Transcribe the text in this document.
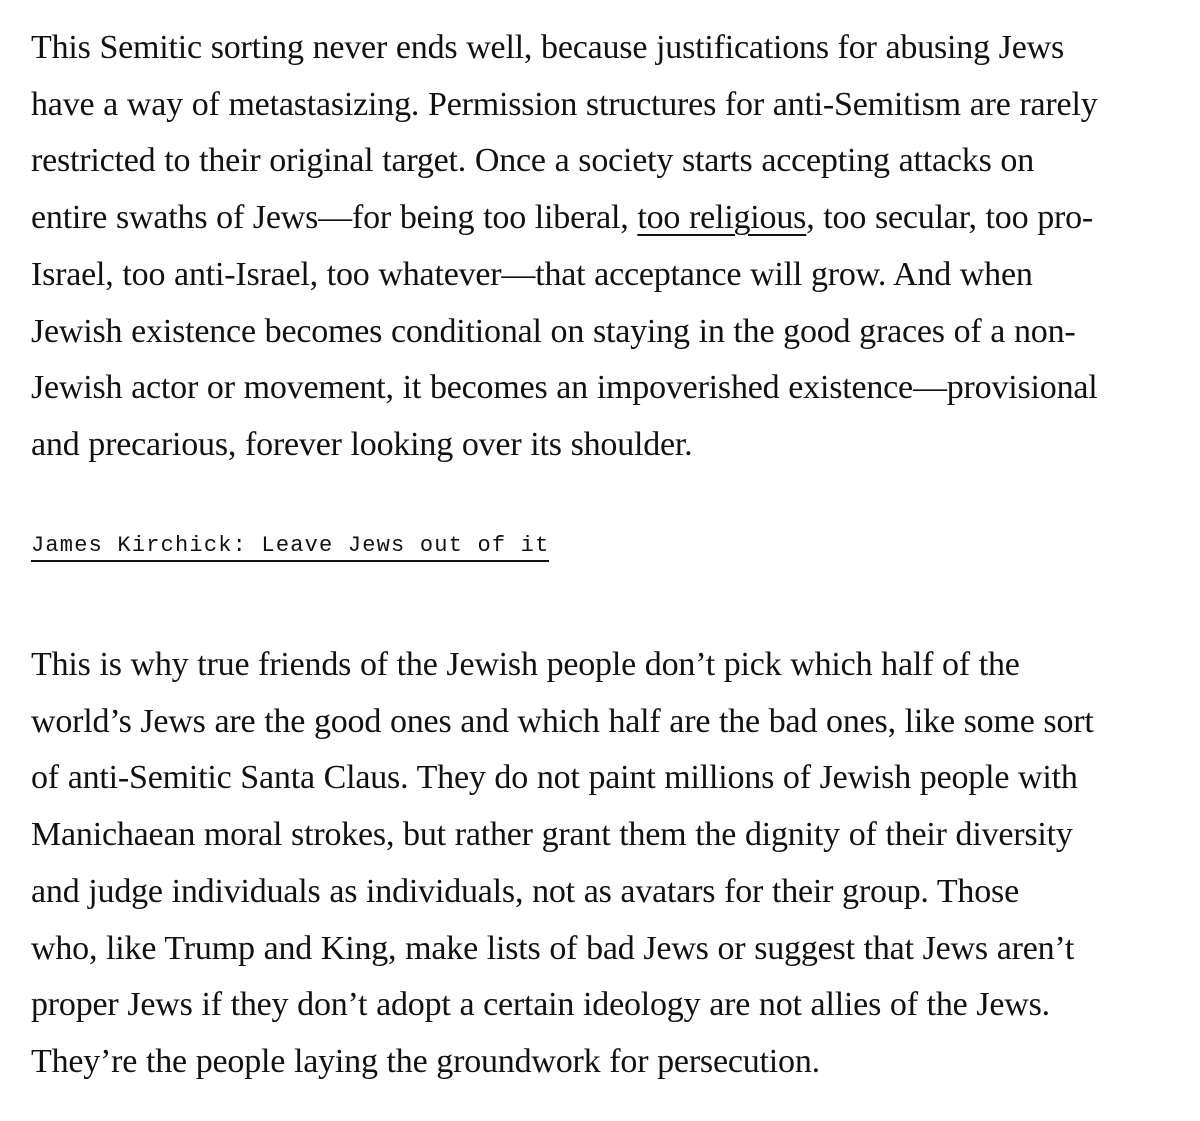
This Semitic sorting never ends well, because justifications for abusing Jews
have a way of metastasizing. Permission structures for anti-Semitism are rarely
restricted to their original target. Once a society starts accepting attacks on
entire swaths of Jews—for being too liberal, too religious, too secular, too pro-
Israel, too anti-Israel, too whatever—that acceptance will grow. And when
Jewish existence becomes conditional on staying in the good graces of a non-
Jewish actor or movement, it becomes an impoverished existence—provisional
and precarious, forever looking over its shoulder.

James Kirchick: Leave Jews out of it

This is why true friends of the Jewish people don’t pick which half of the
world’s Jews are the good ones and which half are the bad ones, like some sort
of anti-Semitic Santa Claus. They do not paint millions of Jewish people with
Manichaean moral strokes, but rather grant them the dignity of their diversity
and judge individuals as individuals, not as avatars for their group. Those
who, like Trump and King, make lists of bad Jews or suggest that Jews aren’t
proper Jews if they don’t adopt a certain ideology are not allies of the Jews.
They’re the people laying the groundwork for persecution.
